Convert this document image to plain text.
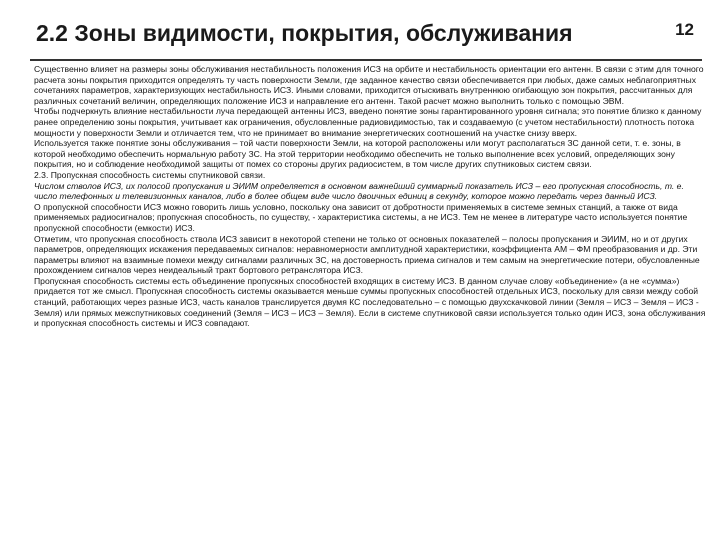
2.2 Зоны видимости, покрытия, обслуживания	12

Существенно влияет на размеры зоны обслуживания нестабильность положения ИСЗ на орбите и нестабильность ориентации его антенн. В связи с этим для точного расчета зоны покрытия приходится определять ту часть поверхности Земли, где заданное качество связи обеспечивается при любых, даже самых неблагоприятных сочетаниях параметров, характеризующих нестабильность ИСЗ. Иными словами, приходится отыскивать внутреннюю огибающую зон покрытия, рассчитанных для различных сочетаний величин, определяющих положение ИСЗ и направление его антенн. Такой расчет можно выполнить только с помощью ЭВМ.

Чтобы подчеркнуть влияние нестабильности луча передающей антенны ИСЗ, введено понятие зоны гарантированного уровня сигнала; это понятие близко к данному ранее определению зоны покрытия, учитывает как ограничения, обусловленные радиовидимостью, так и создаваемую (с учетом нестабильности) плотность потока мощности у поверхности Земли и отличается тем, что не принимает во внимание энергетических соотношений на участке снизу вверх.

Используется также понятие зоны обслуживания – той части поверхности Земли, на которой расположены или могут располагаться ЗС данной сети, т. е. зоны, в которой необходимо обеспечить нормальную работу ЗС. На этой территории необходимо обеспечить не только выполнение всех условий, определяющих зону покрытия, но и соблюдение необходимой защиты от помех со стороны других радиосистем, в том числе других спутниковых систем связи.

2.3. Пропускная способность системы спутниковой связи.

Числом стволов ИСЗ, их полосой пропускания и ЭИИМ определяется в основном важнейший суммарный показатель ИСЗ – его пропускная способность, т. е. число телефонных и телевизионных каналов, либо в более общем виде число двоичных единиц в секунду, которое можно передать через данный ИСЗ.

О пропускной способности ИСЗ можно говорить лишь условно, поскольку она зависит от добротности применяемых в системе земных станций, а также от вида применяемых радиосигналов; пропускная способность, по существу, - характеристика системы, а не ИСЗ. Тем не менее в литературе часто используется понятие пропускной способности (емкости) ИСЗ.

Отметим, что пропускная способность ствола ИСЗ зависит в некоторой степени не только от основных показателей – полосы пропускания и ЭИИМ, но и от других параметров, определяющих искажения передаваемых сигналов: неравномерности амплитудной характеристики, коэффициента АМ – ФМ преобразования и др. Эти параметры влияют на взаимные помехи между сигналами различных ЗС, на достоверность приема сигналов и тем самым на энергетические потери, обусловленные прохождением сигналов через неидеальный тракт бортового ретранслятора ИСЗ.

Пропускная способность системы есть объединение пропускных способностей входящих в систему ИСЗ. В данном случае слову «объединение» (а не «сумма») придается тот же смысл. Пропускная способность системы оказывается меньше суммы пропускных способностей отдельных ИСЗ, поскольку для связи между собой станций, работающих через разные ИСЗ, часть каналов транслируется двумя КС последовательно – с помощью двухскачковой линии (Земля – ИСЗ – Земля – ИСЗ - Земля) или прямых межспутниковых соединений (Земля – ИСЗ – ИСЗ – Земля). Если в системе спутниковой связи используется только один ИСЗ, зона обслуживания и пропускная способность системы и ИСЗ совпадают.
